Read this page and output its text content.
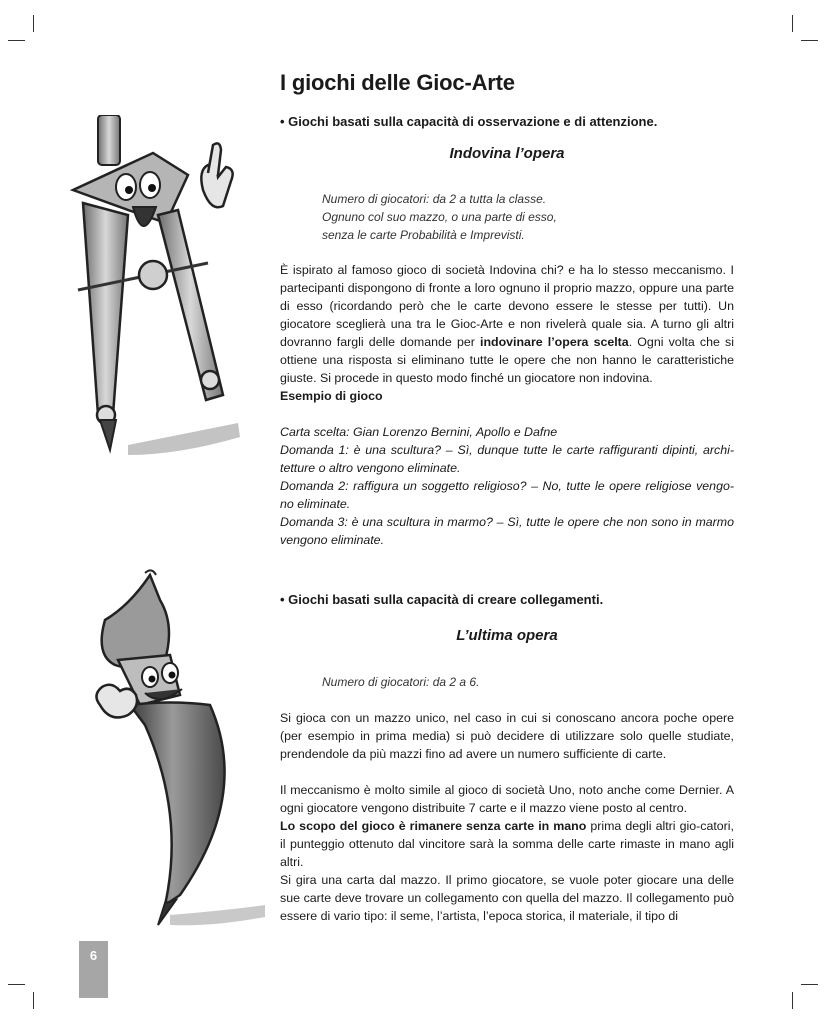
I giochi delle Gioc-Arte

• Giochi basati sulla capacità di osservazione e di attenzione.

Indovina l’opera

Numero di giocatori: da 2 a tutta la classe.
Ognuno col suo mazzo, o una parte di esso,
senza le carte Probabilità e Imprevisti.

È ispirato al famoso gioco di società Indovina chi? e ha lo stesso meccanismo. I partecipanti dispongono di fronte a loro ognuno il proprio mazzo, oppure una parte di esso (ricordando però che le carte devono essere le stesse per tutti). Un giocatore sceglierà una tra le Gioc-Arte e non rivelerà quale sia. A turno gli altri dovranno fargli delle domande per indovinare l’opera scelta. Ogni volta che si ottiene una risposta si eliminano tutte le opere che non hanno le caratteristiche giuste. Si procede in questo modo finché un giocatore non indovina.

Esempio di gioco

Carta scelta: Gian Lorenzo Bernini, Apollo e Dafne

Domanda 1: è una scultura? – Sì, dunque tutte le carte raffiguranti dipinti, archi-tetture o altro vengono eliminate.

Domanda 2: raffigura un soggetto religioso? – No, tutte le opere religiose vengo-no eliminate.

Domanda 3: è una scultura in marmo? – Sì, tutte le opere che non sono in marmo vengono eliminate.

• Giochi basati sulla capacità di creare collegamenti.

L’ultima opera

Numero di giocatori: da 2 a 6.

Si gioca con un mazzo unico, nel caso in cui si conoscano ancora poche opere (per esempio in prima media) si può decidere di utilizzare solo quelle studiate, prendendole da più mazzi fino ad avere un numero sufficiente di carte.

Il meccanismo è molto simile al gioco di società Uno, noto anche come Dernier. A ogni giocatore vengono distribuite 7 carte e il mazzo viene posto al centro.

Lo scopo del gioco è rimanere senza carte in mano prima degli altri gio-catori, il punteggio ottenuto dal vincitore sarà la somma delle carte rimaste in mano agli altri.

Si gira una carta dal mazzo. Il primo giocatore, se vuole poter giocare una delle sue carte deve trovare un collegamento con quella del mazzo. Il collegamento può essere di vario tipo: il seme, l’artista, l’epoca storica, il materiale, il tipo di

6
